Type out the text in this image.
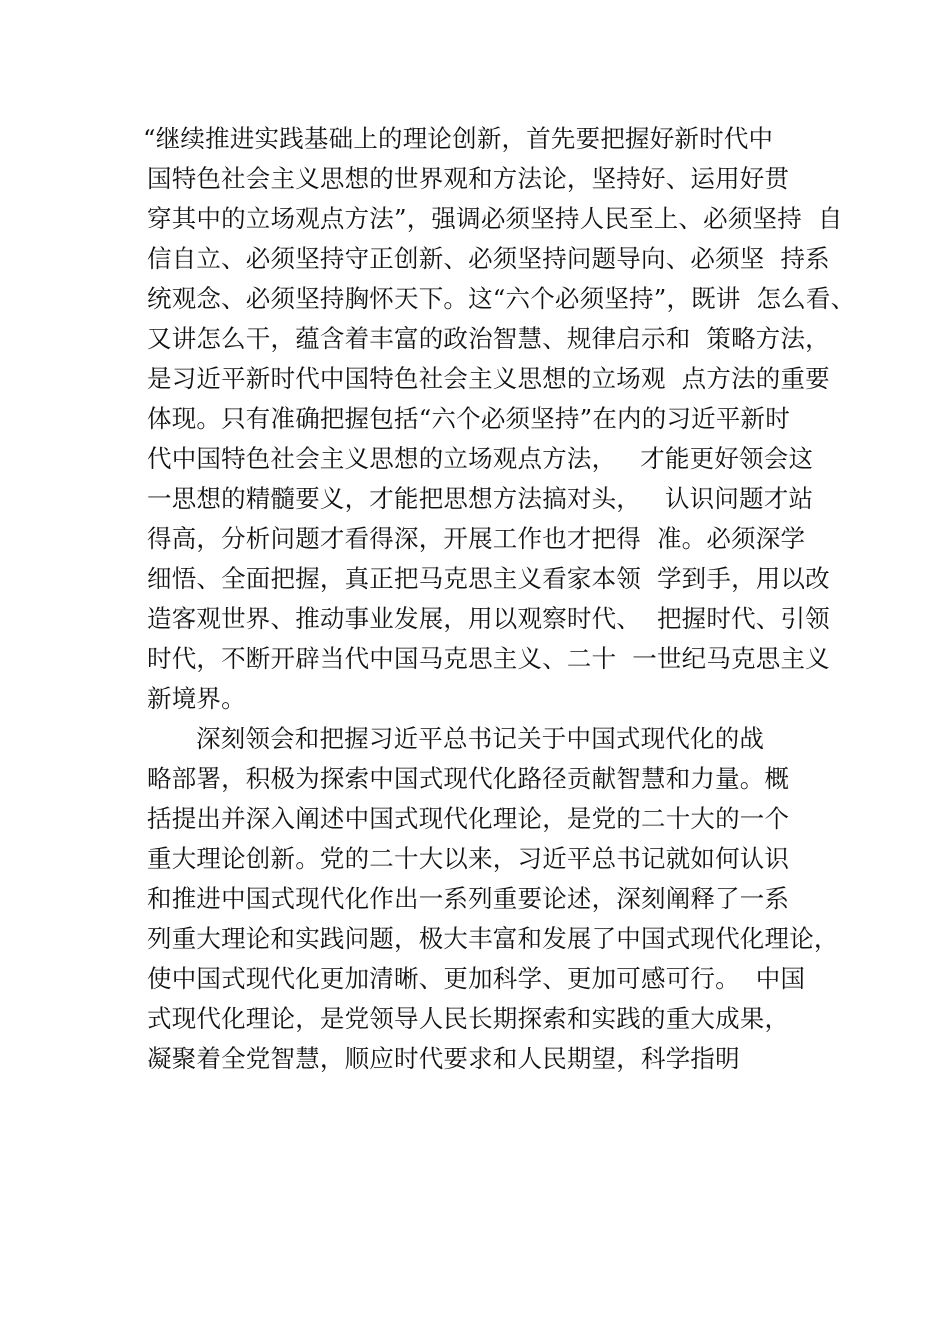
“继续推进实践基础上的理论创新，首先要把握好新时代中

国特色社会主义思想的世界观和方法论，坚持好、运用好贯

穿其中的立场观点方法”，强调必须坚持人民至上、必须坚持  自

信自立、必须坚持守正创新、必须坚持问题导向、必须坚  持系

统观念、必须坚持胸怀天下。这“六个必须坚持”，既讲  怎么看、

又讲怎么干，蕴含着丰富的政治智慧、规律启示和  策略方法，

是习近平新时代中国特色社会主义思想的立场观  点方法的重要

体现。只有准确把握包括“六个必须坚持”在内的习近平新时

代中国特色社会主义思想的立场观点方法，   才能更好领会这

一思想的精髓要义，才能把思想方法搞对头，   认识问题才站

得高，分析问题才看得深，开展工作也才把得  准。必须深学

细悟、全面把握，真正把马克思主义看家本领  学到手，用以改

造客观世界、推动事业发展，用以观察时代、  把握时代、引领

时代，不断开辟当代中国马克思主义、二十  一世纪马克思主义

新境界。

深刻领会和把握习近平总书记关于中国式现代化的战

略部署，积极为探索中国式现代化路径贡献智慧和力量。概

括提出并深入阐述中国式现代化理论，是党的二十大的一个

重大理论创新。党的二十大以来，习近平总书记就如何认识

和推进中国式现代化作出一系列重要论述，深刻阐释了一系

列重大理论和实践问题，极大丰富和发展了中国式现代化理论，

使中国式现代化更加清晰、更加科学、更加可感可行。  中国

式现代化理论，是党领导人民长期探索和实践的重大成果，

凝聚着全党智慧，顺应时代要求和人民期望，科学指明
